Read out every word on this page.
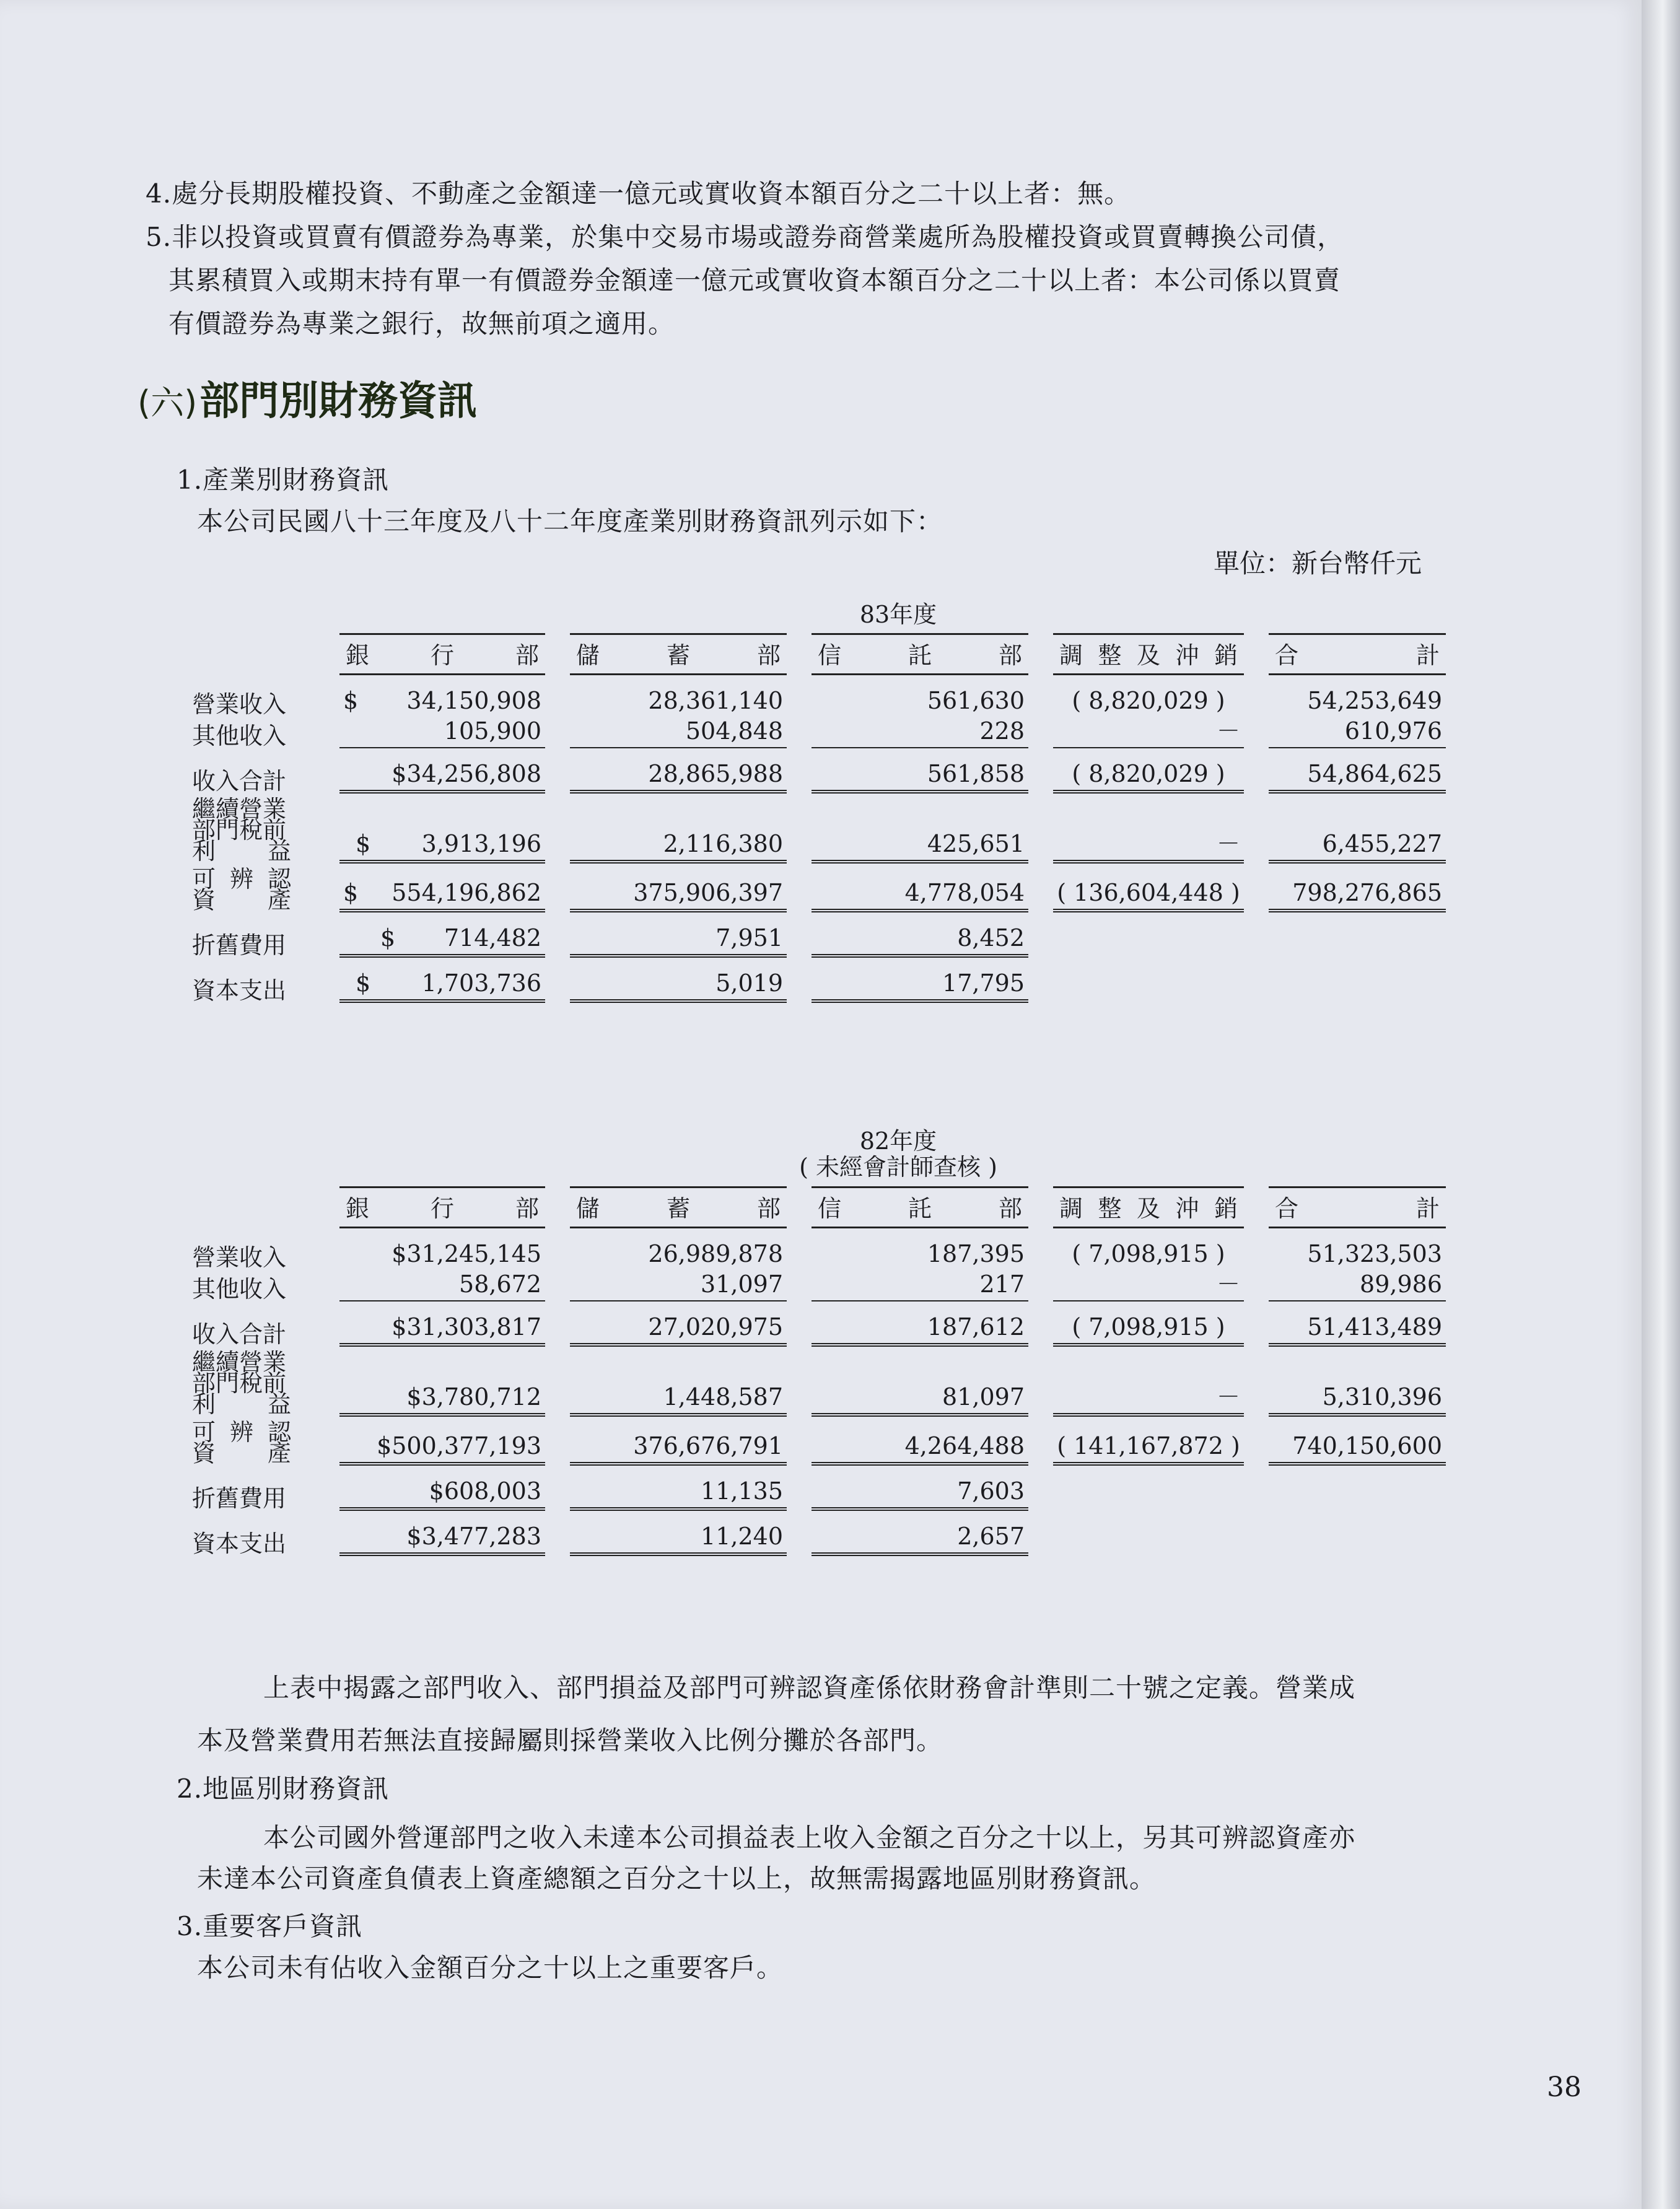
4.處分長期股權投資、不動產之金額達一億元或實收資本額百分之二十以上者：無。
5.非以投資或買賣有價證券為專業，於集中交易市場或證券商營業處所為股權投資或買賣轉換公司債，
其累積買入或期末持有單一有價證券金額達一億元或實收資本額百分之二十以上者：本公司係以買賣
有價證券為專業之銀行，故無前項之適用。
(六)部門別財務資訊
1.產業別財務資訊
本公司民國八十三年度及八十二年度產業別財務資訊列示如下：
單位：新台幣仟元
83年度

	銀行部	儲蓄部	信託部	調整及沖銷	合計

營業收入	$ 34,150,908	28,361,140	561,630	( 8,820,029 )	54,253,649

其他收入	105,900	504,848	228	－	610,976

收入合計	$34,256,808	28,865,988	561,858	( 8,820,029 )	54,864,625

繼續營業
部門稅前
利益	$ 3,913,196	2,116,380	425,651	－	6,455,227

可辨認
資產	$ 554,196,862	375,906,397	4,778,054	( 136,604,448 )	798,276,865

折舊費用	$ 714,482	7,951	8,452		

資本支出	$ 1,703,736	5,019	17,795		

82年度
( 未經會計師查核 )

	銀行部	儲蓄部	信託部	調整及沖銷	合計

營業收入	$31,245,145	26,989,878	187,395	( 7,098,915 )	51,323,503

其他收入	58,672	31,097	217	－	89,986

收入合計	$31,303,817	27,020,975	187,612	( 7,098,915 )	51,413,489

繼續營業
部門稅前
利益	$3,780,712	1,448,587	81,097	－	5,310,396

可辨認
資產	$500,377,193	376,676,791	4,264,488	( 141,167,872 )	740,150,600

折舊費用	$608,003	11,135	7,603		

資本支出	$3,477,283	11,240	2,657		

上表中揭露之部門收入、部門損益及部門可辨認資產係依財務會計準則二十號之定義。營業成
本及營業費用若無法直接歸屬則採營業收入比例分攤於各部門。
2.地區別財務資訊
本公司國外營運部門之收入未達本公司損益表上收入金額之百分之十以上，另其可辨認資產亦
未達本公司資產負債表上資產總額之百分之十以上，故無需揭露地區別財務資訊。
3.重要客戶資訊
本公司未有佔收入金額百分之十以上之重要客戶。
38
